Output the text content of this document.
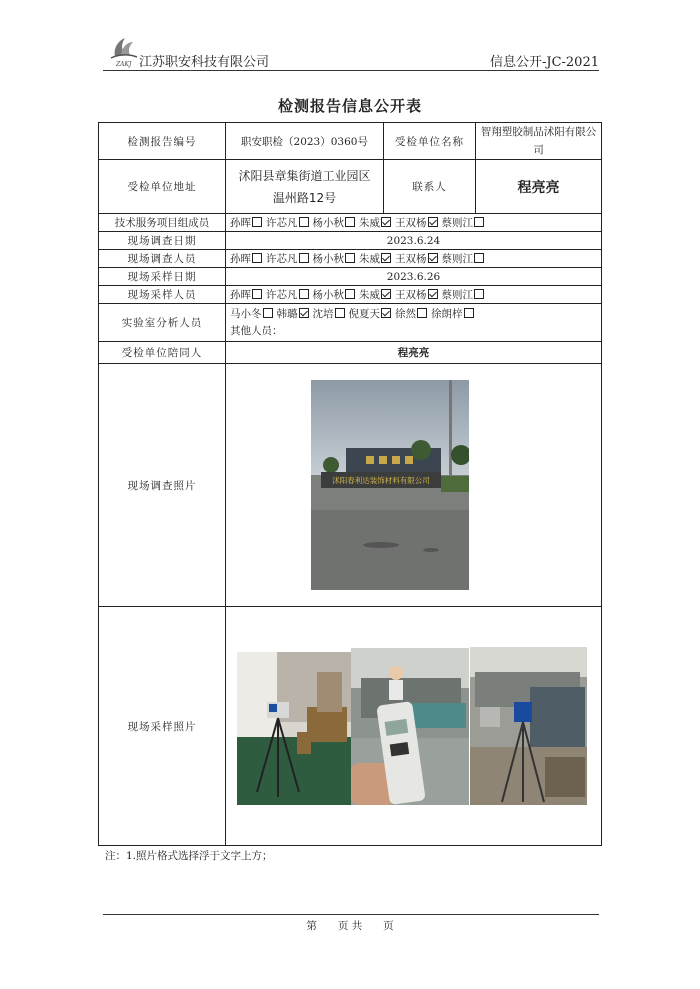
ZAKJ 江苏职安科技有限公司	信息公开-JC-2021
检测报告信息公开表
检测报告编号	职安职检（2023）0360号	受检单位名称	智翔塑胶制品沭阳有限公司
受检单位地址	沭阳县章集街道工业园区
温州路12号	联系人	程亮亮
技术服务项目组成员	孙晖 许芯凡 杨小秋 朱威 王双杨 蔡则江		
现场调查日期	2023.6.24		
现场调查人员	孙晖 许芯凡 杨小秋 朱威 王双杨 蔡则江		
现场采样日期	2023.6.26		
现场采样人员	孙晖 许芯凡 杨小秋 朱威 王双杨 蔡则江		
实验室分析人员	马小冬 韩璐 沈培 倪夏天 徐然 徐朗梓
其他人员：		

受检单位陪同人	程亮亮		
现场调查照片			
现场采样照片			
沭阳春利达装饰材料有限公司
注：1.照片格式选择浮于文字上方；
第　　页 共　　页
